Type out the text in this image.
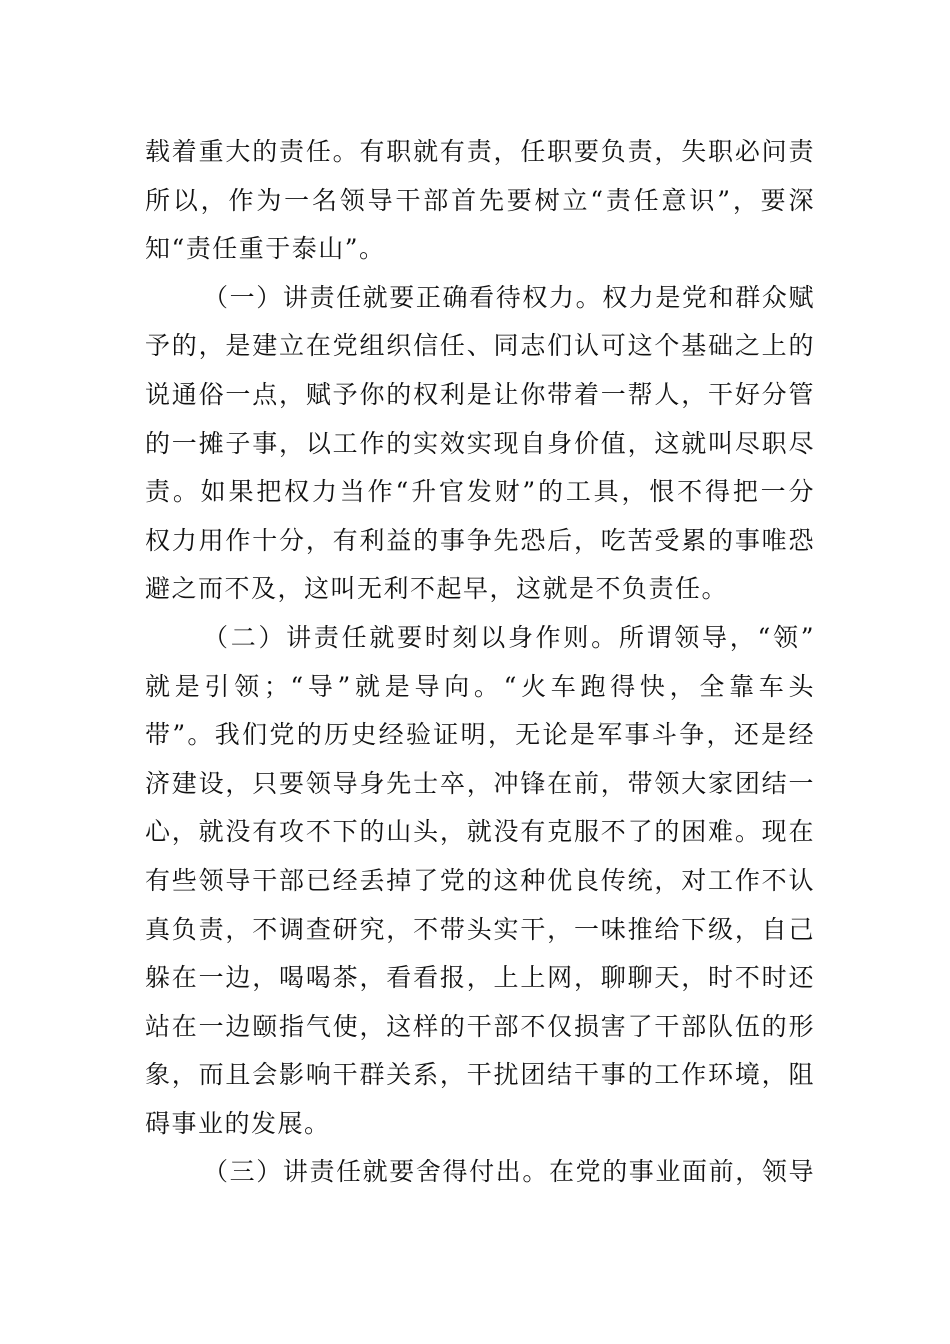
载着重大的责任。有职就有责，任职要负责，失职必问责
所以，作为一名领导干部首先要树立“责任意识”，要深
知“责任重于泰山”。
（一）讲责任就要正确看待权力。权力是党和群众赋
予的，是建立在党组织信任、同志们认可这个基础之上的
说通俗一点，赋予你的权利是让你带着一帮人，干好分管
的一摊子事，以工作的实效实现自身价值，这就叫尽职尽
责。如果把权力当作“升官发财”的工具，恨不得把一分
权力用作十分，有利益的事争先恐后，吃苦受累的事唯恐
避之而不及，这叫无利不起早，这就是不负责任。
（二）讲责任就要时刻以身作则。所谓领导，“领”
就是引领；“导”就是导向。“火车跑得快，全靠车头
带”。我们党的历史经验证明，无论是军事斗争，还是经
济建设，只要领导身先士卒，冲锋在前，带领大家团结一
心，就没有攻不下的山头，就没有克服不了的困难。现在
有些领导干部已经丢掉了党的这种优良传统，对工作不认
真负责，不调查研究，不带头实干，一味推给下级，自己
躲在一边，喝喝茶，看看报，上上网，聊聊天，时不时还
站在一边颐指气使，这样的干部不仅损害了干部队伍的形
象，而且会影响干群关系，干扰团结干事的工作环境，阻
碍事业的发展。
（三）讲责任就要舍得付出。在党的事业面前，领导
